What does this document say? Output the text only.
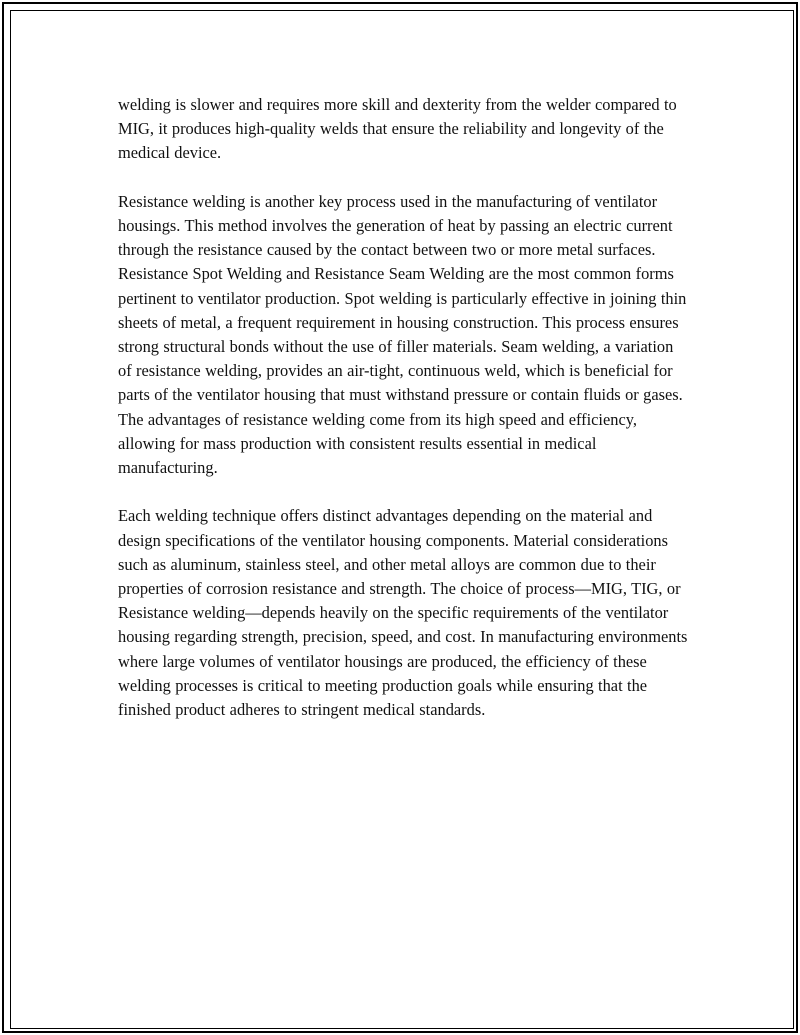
welding is slower and requires more skill and dexterity from the welder compared to MIG, it produces high-quality welds that ensure the reliability and longevity of the medical device.

Resistance welding is another key process used in the manufacturing of ventilator housings. This method involves the generation of heat by passing an electric current through the resistance caused by the contact between two or more metal surfaces. Resistance Spot Welding and Resistance Seam Welding are the most common forms pertinent to ventilator production. Spot welding is particularly effective in joining thin sheets of metal, a frequent requirement in housing construction. This process ensures strong structural bonds without the use of filler materials. Seam welding, a variation of resistance welding, provides an air-tight, continuous weld, which is beneficial for parts of the ventilator housing that must withstand pressure or contain fluids or gases. The advantages of resistance welding come from its high speed and efficiency, allowing for mass production with consistent results essential in medical manufacturing.

Each welding technique offers distinct advantages depending on the material and design specifications of the ventilator housing components. Material considerations such as aluminum, stainless steel, and other metal alloys are common due to their properties of corrosion resistance and strength. The choice of process—MIG, TIG, or Resistance welding—depends heavily on the specific requirements of the ventilator housing regarding strength, precision, speed, and cost. In manufacturing environments where large volumes of ventilator housings are produced, the efficiency of these welding processes is critical to meeting production goals while ensuring that the finished product adheres to stringent medical standards.
